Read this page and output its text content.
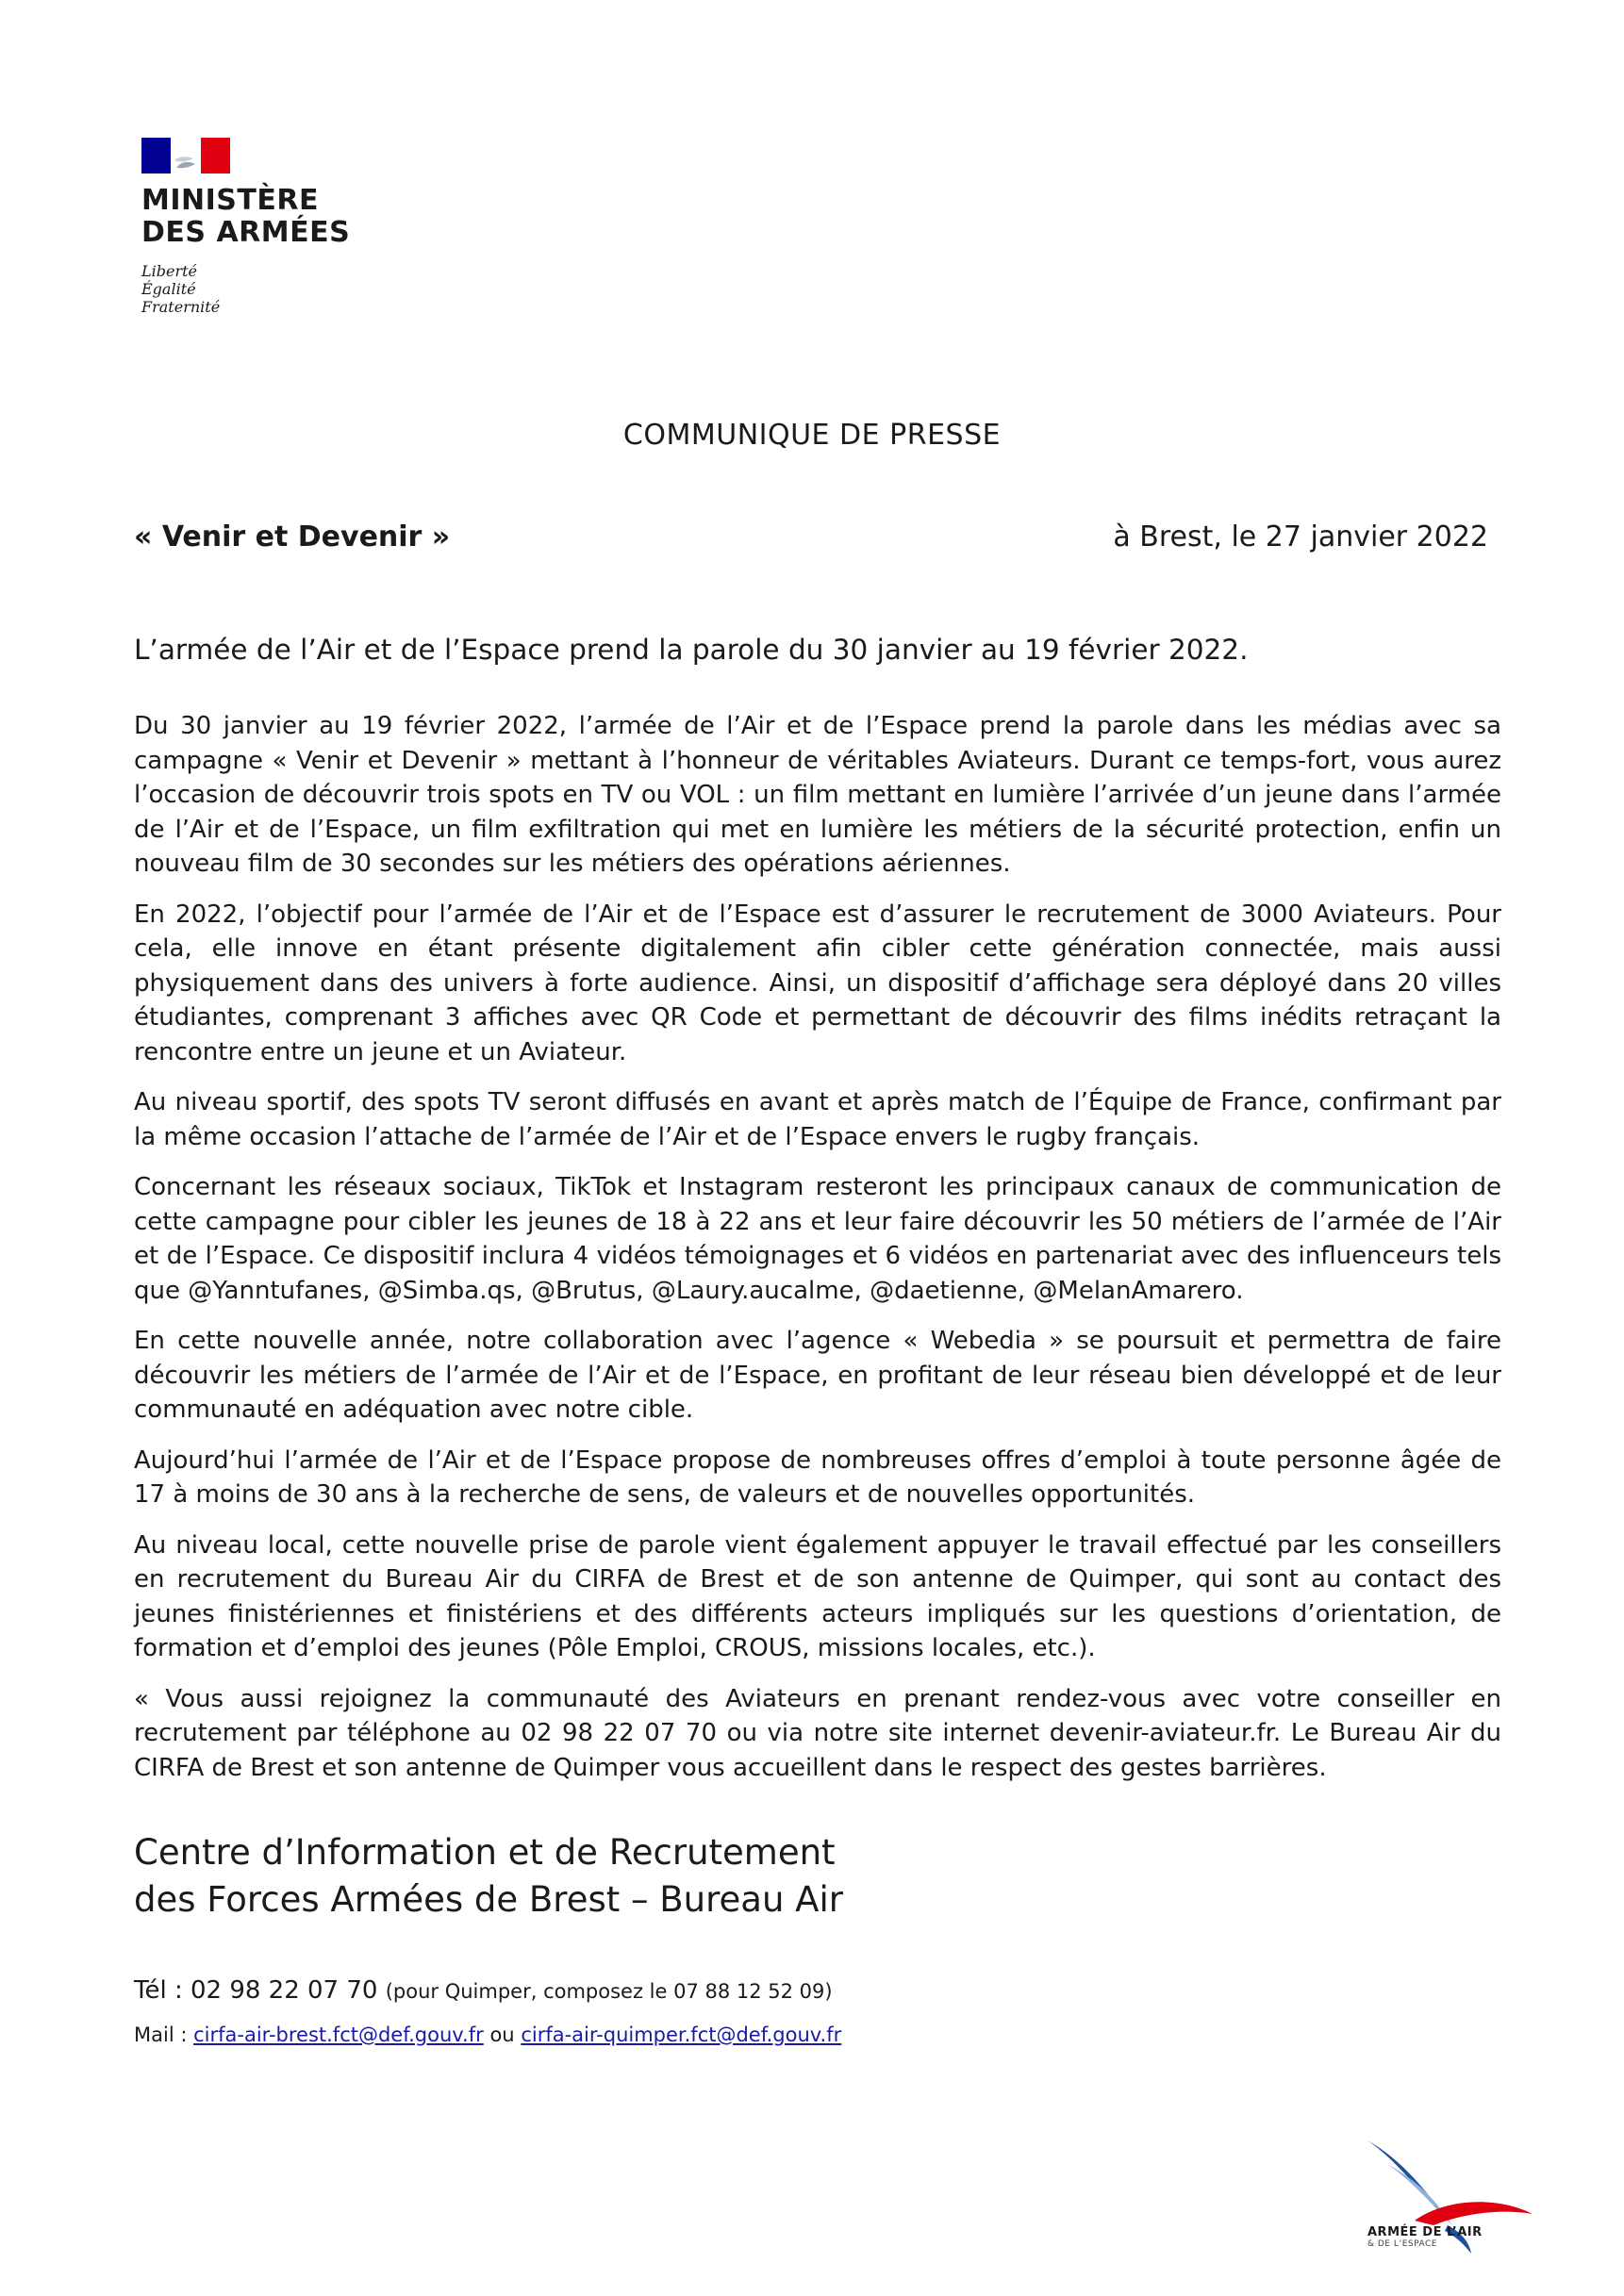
MINISTÈRE
DES ARMÉES
Liberté
Égalité
Fraternité
COMMUNIQUE DE PRESSE
« Venir et Devenir »	à Brest, le 27 janvier 2022
L’armée de l’Air et de l’Espace prend la parole du 30 janvier au 19 février 2022.

Du 30 janvier au 19 février 2022, l’armée de l’Air et de l’Espace prend la parole dans les médias avec sa campagne « Venir et Devenir » mettant à l’honneur de véritables Aviateurs. Durant ce temps-fort, vous aurez l’occasion de découvrir trois spots en TV ou VOL : un film mettant en lumière l’arrivée d’un jeune dans l’armée de l’Air et de l’Espace, un film exfiltration qui met en lumière les métiers de la sécurité protection, enfin un nouveau film de 30 secondes sur les métiers des opérations aériennes.

En 2022, l’objectif pour l’armée de l’Air et de l’Espace est d’assurer le recrutement de 3000 Aviateurs. Pour cela, elle innove en étant présente digitalement afin cibler cette génération connectée, mais aussi physiquement dans des univers à forte audience. Ainsi, un dispositif d’affichage sera déployé dans 20 villes étudiantes, comprenant 3 affiches avec QR Code et permettant de découvrir des films inédits retraçant la rencontre entre un jeune et un Aviateur.

Au niveau sportif, des spots TV seront diffusés en avant et après match de l’Équipe de France, confirmant par la même occasion l’attache de l’armée de l’Air et de l’Espace envers le rugby français.

Concernant les réseaux sociaux, TikTok et Instagram resteront les principaux canaux de communication de cette campagne pour cibler les jeunes de 18 à 22 ans et leur faire découvrir les 50 métiers de l’armée de l’Air et de l’Espace. Ce dispositif inclura 4 vidéos témoignages et 6 vidéos en partenariat avec des influenceurs tels que @Yanntufanes, @Simba.qs, @Brutus, @Laury.aucalme, @daetienne, @MelanAmarero.

En cette nouvelle année, notre collaboration avec l’agence « Webedia » se poursuit et permettra de faire découvrir les métiers de l’armée de l’Air et de l’Espace, en profitant de leur réseau bien développé et de leur communauté en adéquation avec notre cible.

Aujourd’hui l’armée de l’Air et de l’Espace propose de nombreuses offres d’emploi à toute personne âgée de 17 à moins de 30 ans à la recherche de sens, de valeurs et de nouvelles opportunités.

Au niveau local, cette nouvelle prise de parole vient également appuyer le travail effectué par les conseillers en recrutement du Bureau Air du CIRFA de Brest et de son antenne de Quimper, qui sont au contact des jeunes finistériennes et finistériens et des différents acteurs impliqués sur les questions d’orientation, de formation et d’emploi des jeunes (Pôle Emploi, CROUS, missions locales, etc.).

« Vous aussi rejoignez la communauté des Aviateurs en prenant rendez-vous avec votre conseiller en recrutement par téléphone au 02 98 22 07 70 ou via notre site internet devenir-aviateur.fr. Le Bureau Air du CIRFA de Brest et son antenne de Quimper vous accueillent dans le respect des gestes barrières.

Centre d’Information et de Recrutement
des Forces Armées de Brest – Bureau Air
Tél : 02 98 22 07 70 (pour Quimper, composez le 07 88 12 52 09)
Mail : cirfa-air-brest.fct@def.gouv.fr ou cirfa-air-quimper.fct@def.gouv.fr
ARMÉE DE L’AIR
& DE L’ESPACE
